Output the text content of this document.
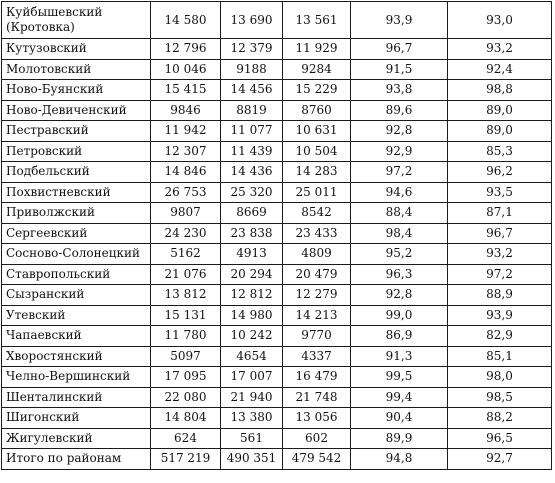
Куйбышевский (Кротовка)	14 580	13 690	13 561	93,9	93,0
Кутузовский	12 796	12 379	11 929	96,7	93,2
Молотовский	10 046	9188	9284	91,5	92,4
Ново-Буянский	15 415	14 456	15 229	93,8	98,8
Ново-Девиченский	9846	8819	8760	89,6	89,0
Пестравский	11 942	11 077	10 631	92,8	89,0
Петровский	12 307	11 439	10 504	92,9	85,3
Подбельский	14 846	14 436	14 283	97,2	96,2
Похвистневский	26 753	25 320	25 011	94,6	93,5
Приволжский	9807	8669	8542	88,4	87,1
Сергеевский	24 230	23 838	23 433	98,4	96,7
Сосново-Солонецкий	5162	4913	4809	95,2	93,2
Ставропольский	21 076	20 294	20 479	96,3	97,2
Сызранский	13 812	12 812	12 279	92,8	88,9
Утевский	15 131	14 980	14 213	99,0	93,9
Чапаевский	11 780	10 242	9770	86,9	82,9
Хворостянский	5097	4654	4337	91,3	85,1
Челно-Вершинский	17 095	17 007	16 479	99,5	98,0
Шенталинский	22 080	21 940	21 748	99,4	98,5
Шигонский	14 804	13 380	13 056	90,4	88,2
Жигулевский	624	561	602	89,9	96,5
Итого по районам	517 219	490 351	479 542	94,8	92,7
